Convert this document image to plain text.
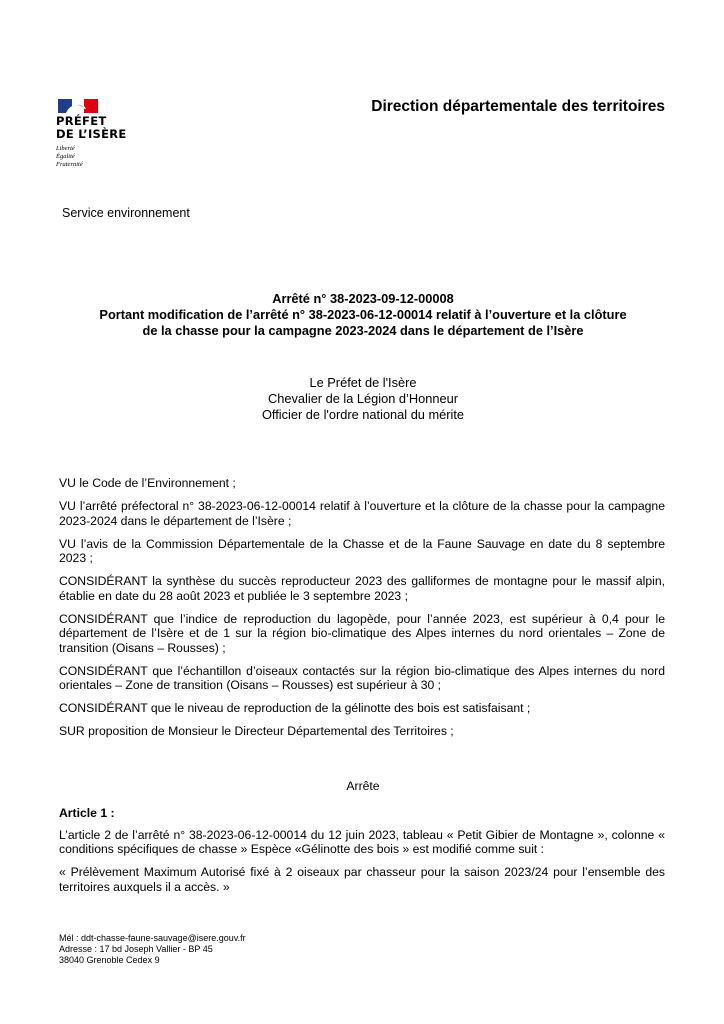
PRÉFET
DE L’ISÈRE
Liberté
Égalité
Fraternité
Direction départementale des territoires
Service environnement
Arrêté n° 38-2023-09-12-00008
Portant modification de l’arrêté n° 38-2023-06-12-00014 relatif à l’ouverture et la clôture
de la chasse pour la campagne 2023-2024 dans le département de l’Isère
Le Préfet de l'Isère
Chevalier de la Légion d’Honneur
Officier de l'ordre national du mérite

VU le Code de l’Environnement ;

VU l’arrêté préfectoral n° 38-2023-06-12-00014 relatif à l’ouverture et la clôture de la chasse pour la campagne 2023-2024 dans le département de l’Isère ;

VU l’avis de la Commission Départementale de la Chasse et de la Faune Sauvage en date du 8 septembre 2023 ;

CONSIDÉRANT la synthèse du succès reproducteur 2023 des galliformes de montagne pour le massif alpin, établie en date du 28 août 2023 et publiée le 3 septembre 2023 ;

CONSIDÉRANT que l’indice de reproduction du lagopède, pour l’année 2023, est supérieur à 0,4 pour le département de l’Isère et de 1 sur la région bio-climatique des Alpes internes du nord orientales – Zone de transition (Oisans – Rousses) ;

CONSIDÉRANT que l’échantillon d’oiseaux contactés sur la région bio-climatique des Alpes internes du nord orientales – Zone de transition (Oisans – Rousses) est supérieur à 30 ;

CONSIDÉRANT que le niveau de reproduction de la gélinotte des bois est satisfaisant ;

SUR proposition de Monsieur le Directeur Départemental des Territoires ;

Arrête
Article 1 :

L’article 2 de l’arrêté n° 38-2023-06-12-00014 du 12 juin 2023, tableau « Petit Gibier de Montagne », colonne « conditions spécifiques de chasse » Espèce «Gélinotte des bois » est modifié comme suit :

« Prélèvement Maximum Autorisé fixé à 2 oiseaux par chasseur pour la saison 2023/24 pour l’ensemble des territoires auxquels il a accès. »

Mél : ddt-chasse-faune-sauvage@isere.gouv.fr
Adresse : 17 bd Joseph Vallier - BP 45
38040 Grenoble Cedex 9
